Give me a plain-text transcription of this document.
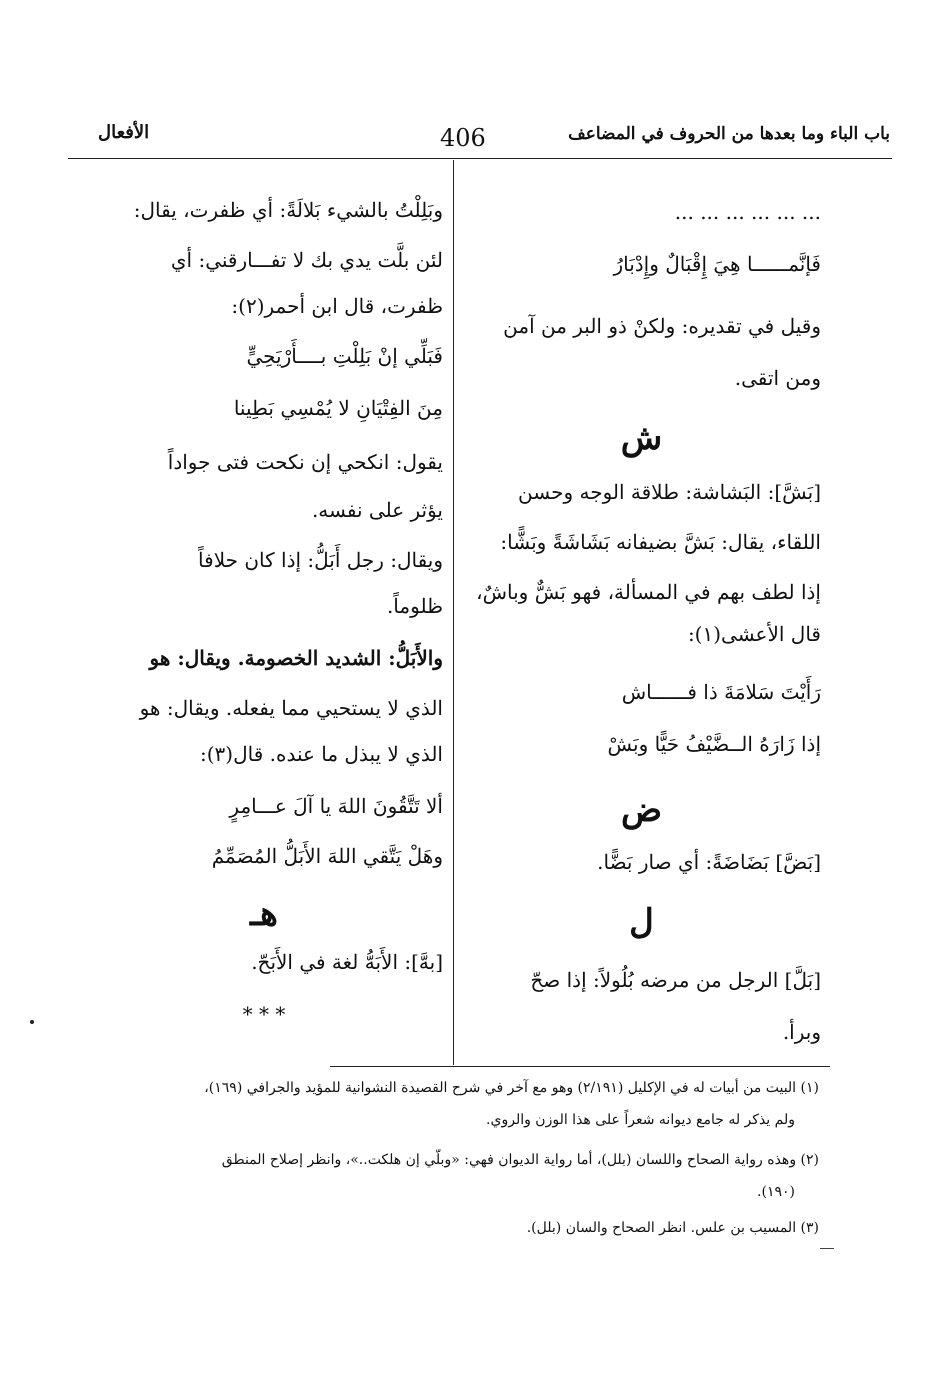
باب الباء وما بعدها من الحروف في المضاعف
406
الأفعال
... ... ... ... ... ...
فَإنَّمــــــا هِيَ إِقْبَالٌ وإِدْبَارُ
وقيل في تقديره: ولكنْ ذو البر من آمن
ومن اتقى.
ش
[بَشَّ]: البَشاشة: طلاقة الوجه وحسن
اللقاء، يقال: بَشَّ بضيفانه بَشَاشَةً وبَشًّا:
إذا لطف بهم في المسألة، فهو بَشٌّ وباشٌ،
قال الأعشى(١):
رَأَيْتَ سَلامَةَ ذا فــــــاش
إذا زَارَهُ الــضَّيْفُ حَيًّا وبَشْ
ض
[بَضَّ] بَضَاضَةً: أي صار بَضًّا.
ل
[بَلَّ] الرجل من مرضه بُلُولاً: إذا صحّ
وبرأ.
وبَلِلْتُ بالشيء بَلالَةً: أي ظفرت، يقال:
لئن بلَّت يدي بك لا تفـــارقني: أي
ظفرت، قال ابن أحمر(٢):
فَبَلِّي إنْ بَلِلْتِ بــــأَرْيَحِيٍّ
مِنَ الفِتْيَانِ لا يُمْسِي بَطِينا
يقول: انكحي إن نكحت فتى جواداً
يؤثر على نفسه.
ويقال: رجل أَبَلُّ: إذا كان حلافاً
ظلوماً.
والأَبَلُّ: الشديد الخصومة. ويقال: هو
الذي لا يستحيي مما يفعله. ويقال: هو
الذي لا يبذل ما عنده. قال(٣):
ألا تَتَّقُونَ اللهَ يا آلَ عـــامِرٍ
وهَلْ يَتَّقي اللهَ الأَبَلُّ المُصَمِّمُ
هـ
[بهَّ]: الأَبَهُّ لغة في الأَبَحّ.
* * *
(١) البيت من أبيات له في الإكليل (٢/١٩١) وهو مع آخر في شرح القصيدة النشوانية للمؤيد والجرافي (١٦٩)،
ولم يذكر له جامع ديوانه شعراً على هذا الوزن والروي.
(٢) وهذه رواية الصحاح واللسان (بلل)، أما رواية الديوان فهي: «وبلّي إن هلكت..»، وانظر إصلاح المنطق
(١٩٠).
(٣) المسيب بن علس. انظر الصحاح والسان (بلل).
